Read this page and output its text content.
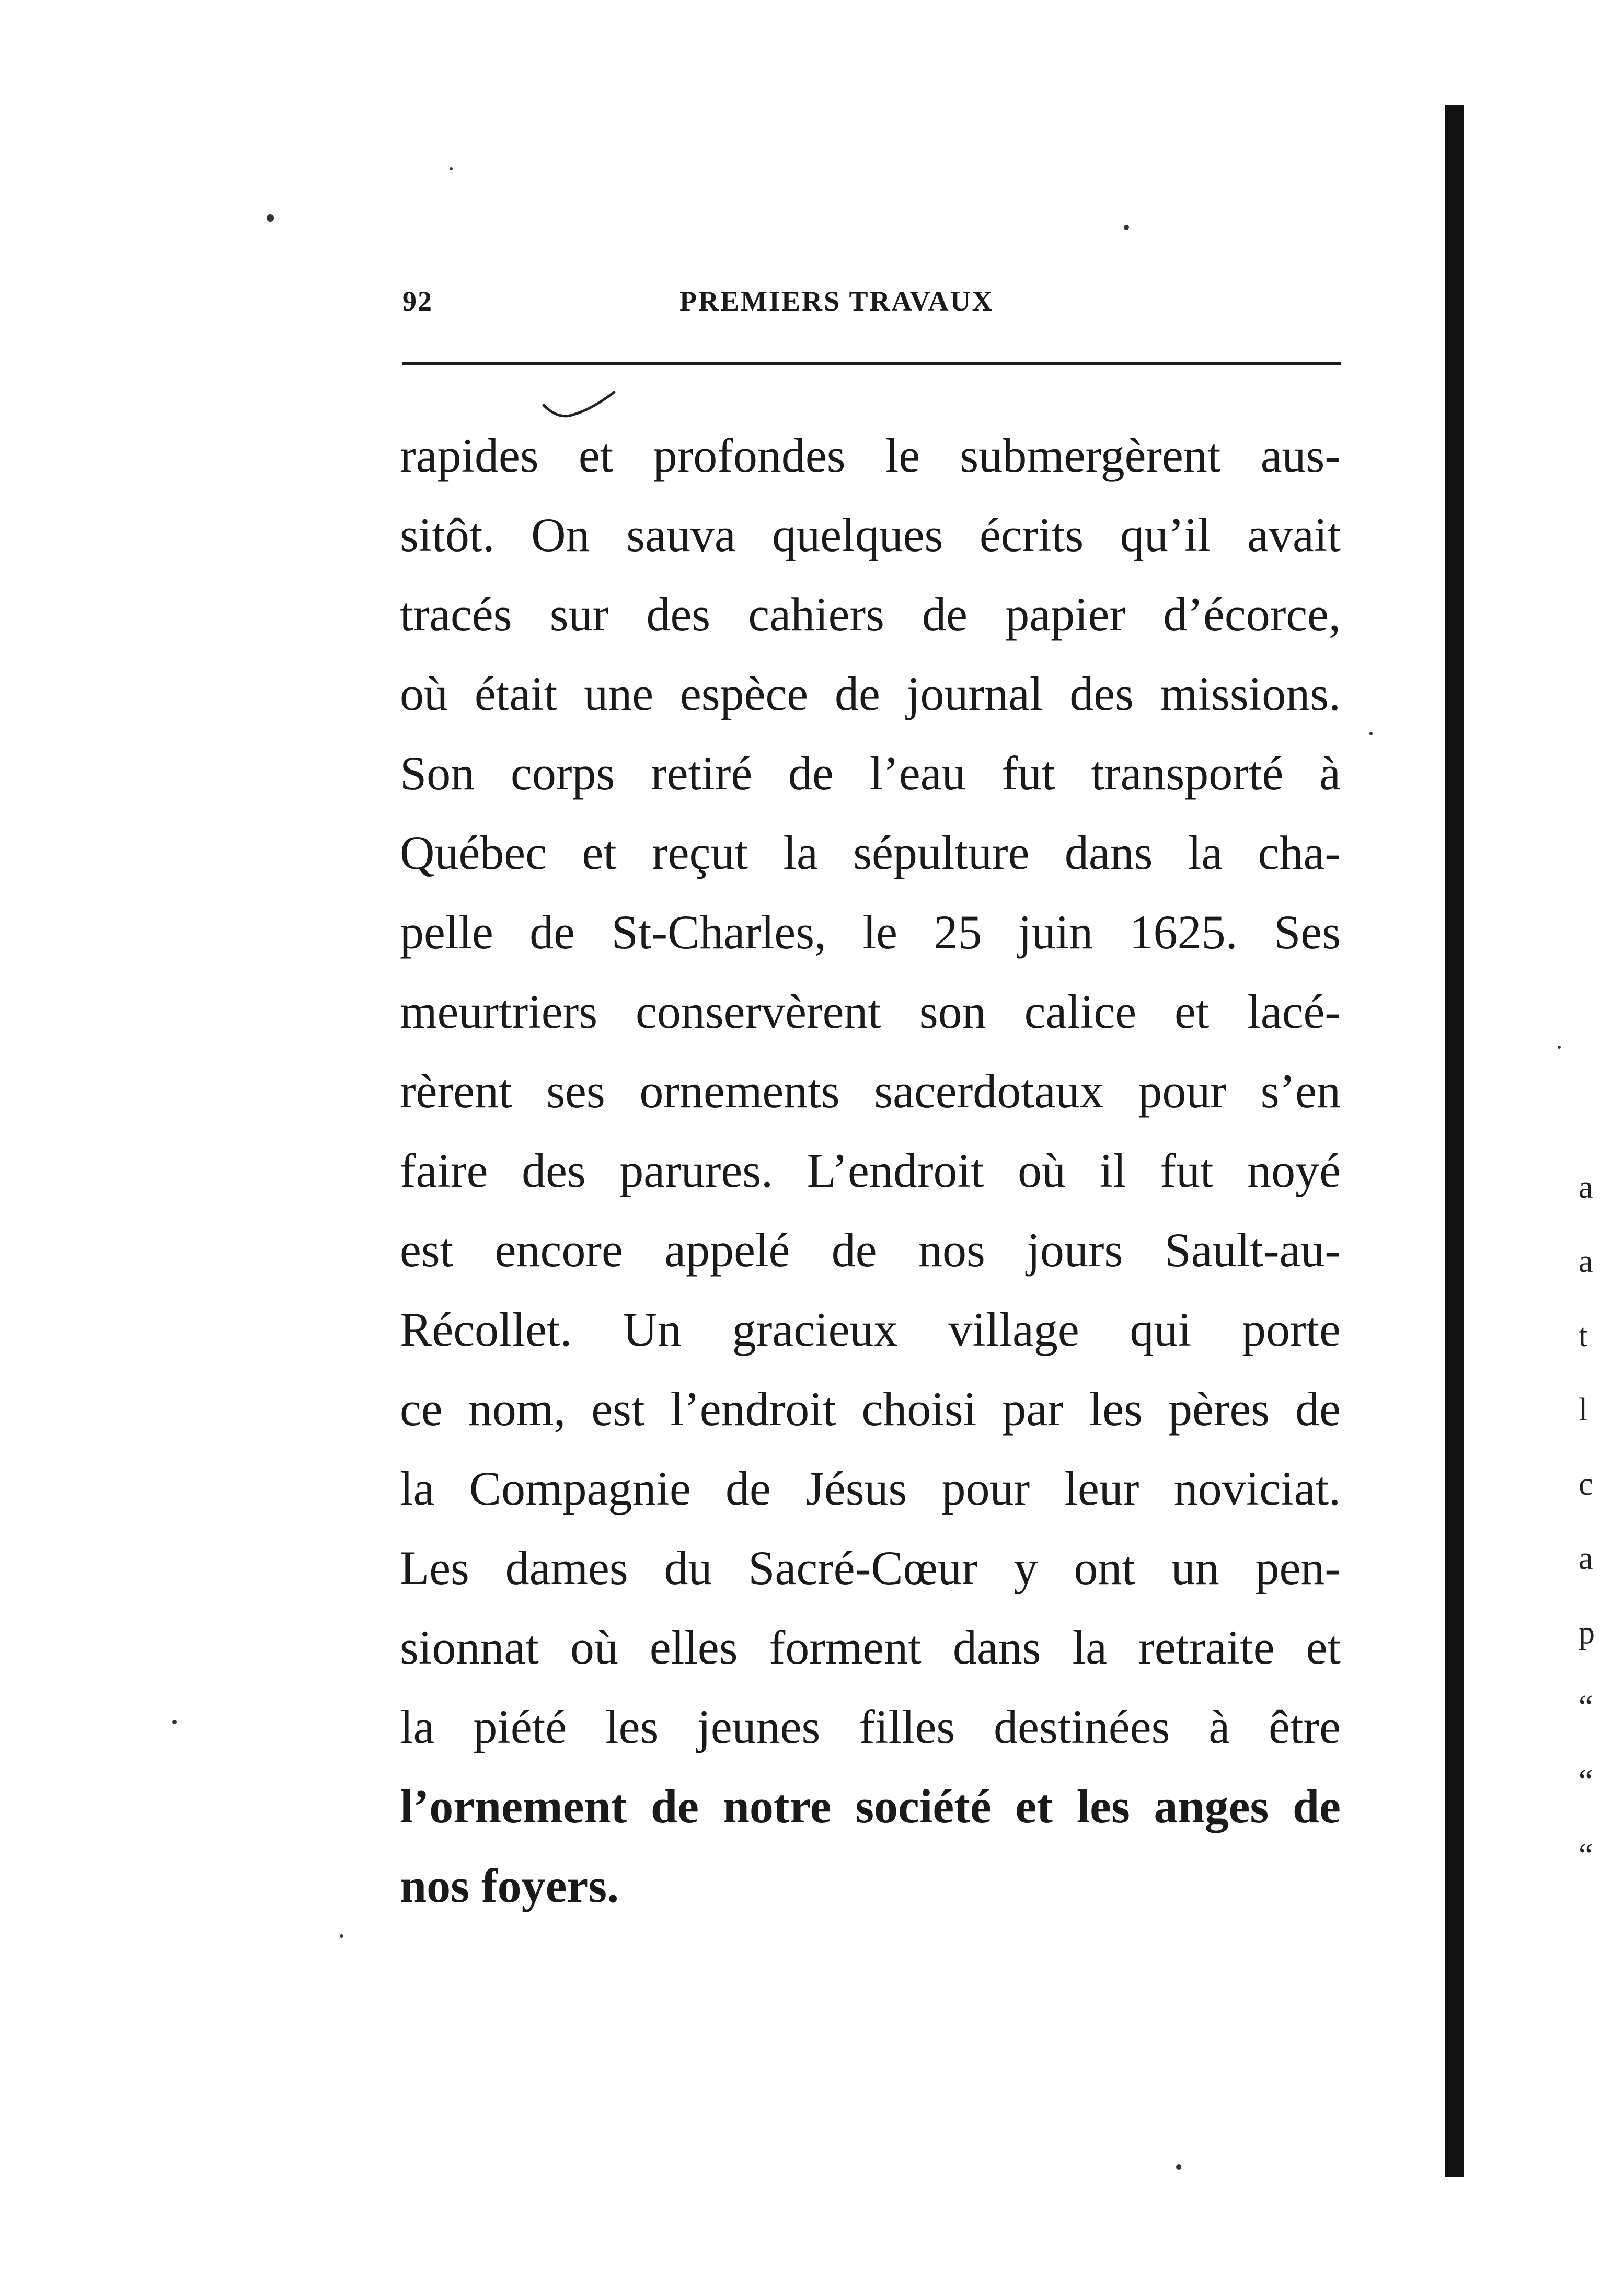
92	PREMIERS TRAVAUX
rapides et profondes le submergèrent aus-
sitôt. On sauva quelques écrits qu’il avait
tracés sur des cahiers de papier d’écorce,
où était une espèce de journal des missions.
Son corps retiré de l’eau fut transporté à
Québec et reçut la sépulture dans la cha-
pelle de St-Charles, le 25 juin 1625. Ses
meurtriers conservèrent son calice et lacé-
rèrent ses ornements sacerdotaux pour s’en
faire des parures. L’endroit où il fut noyé
est encore appelé de nos jours Sault-au-
Récollet. Un gracieux village qui porte
ce nom, est l’endroit choisi par les pères de
la Compagnie de Jésus pour leur noviciat.
Les dames du Sacré-Cœur y ont un pen-
sionnat où elles forment dans la retraite et
la piété les jeunes filles destinées à être
l’ornement de notre société et les anges de
nos foyers.
a
a
t
l
c
a
p
“
“
“
